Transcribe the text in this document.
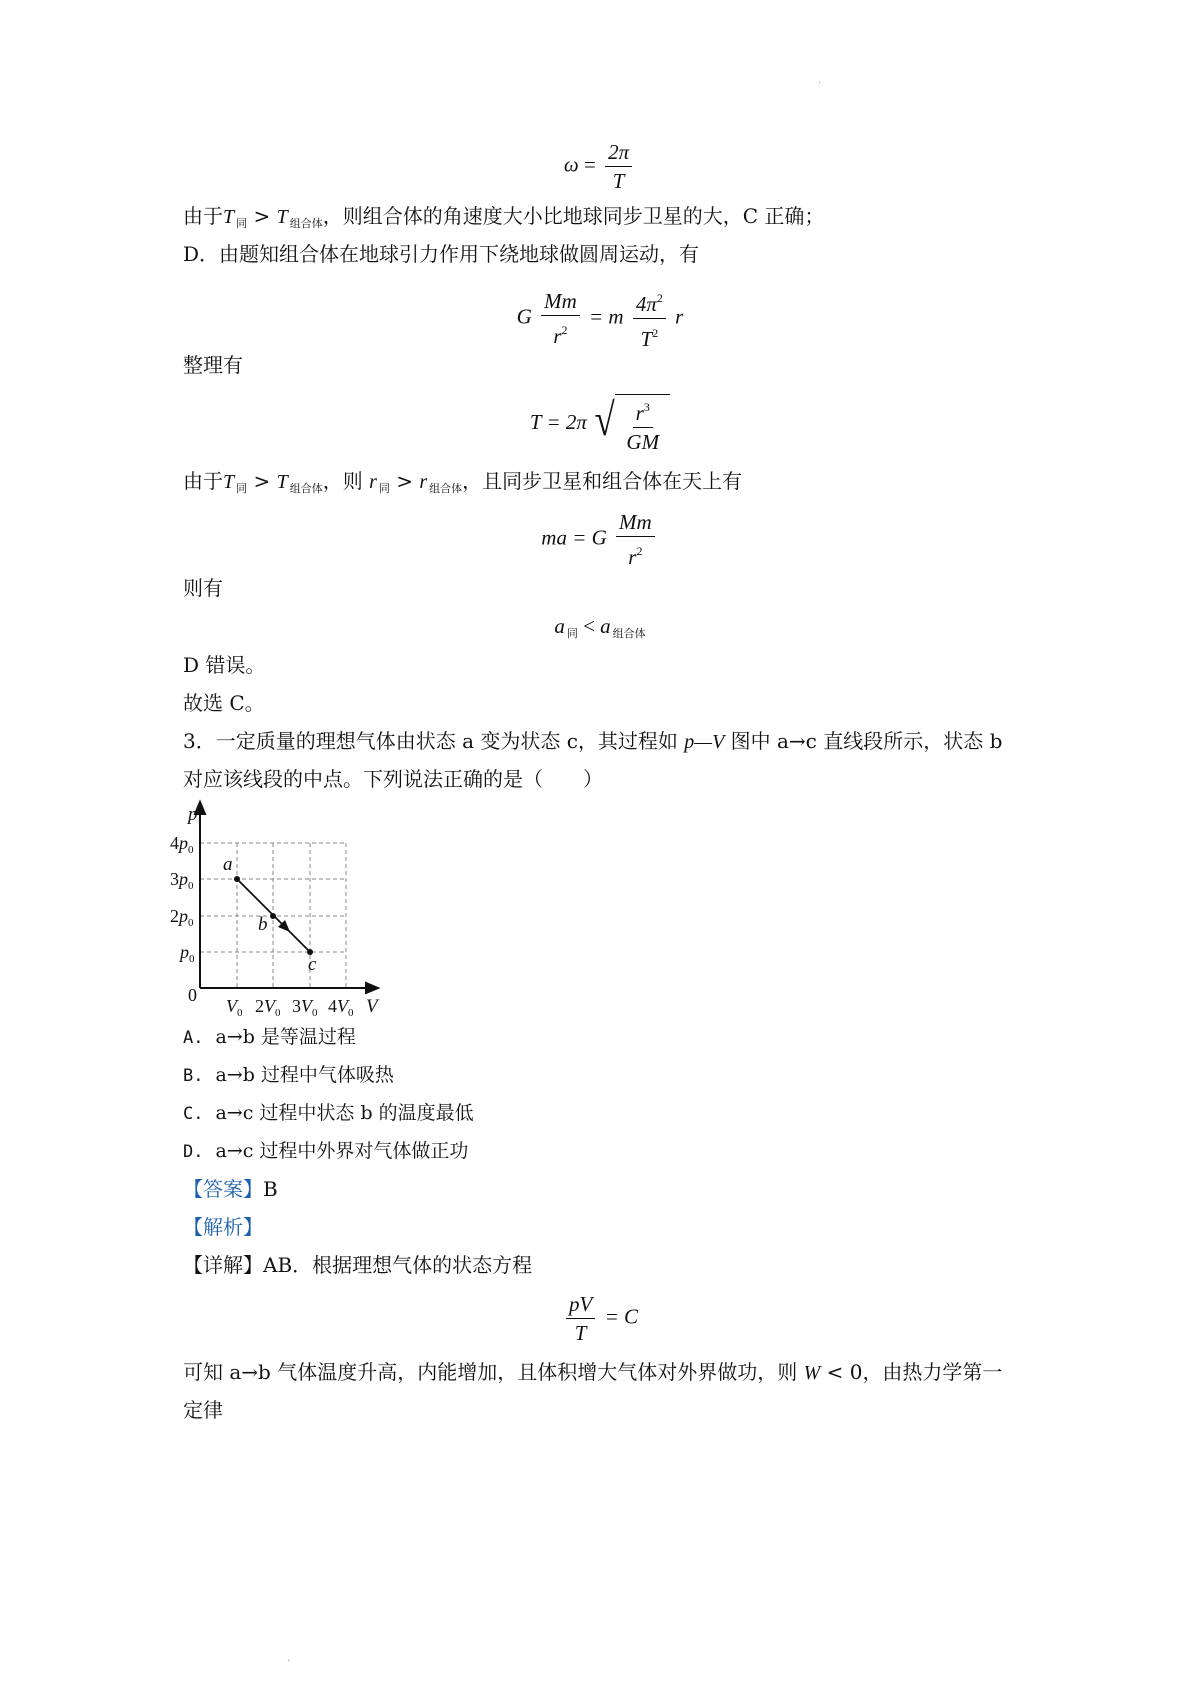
·
$\omega = \frac{2\pi}{T}$
由于T $_同$ > T $_{组合体}$，则组合体的角速度大小比地球同步卫星的大，C 正确；
D．由题知组合体在地球引力作用下绕地球做圆周运动，有
G $\frac{Mm}{r^2} = m \frac{4\pi^2}{T^2}$ r
整理有
T = 2π √ $\frac{r^3}{GM}$
由于T $_同$ > T $_{组合体}$，则 r $_同$ > r $_{组合体}$，且同步卫星和组合体在天上有
ma = G $\frac{Mm}{r^2}$
则有
a $_同$ < a $_{组合体}$
D 错误。
故选 C。
3．一定质量的理想气体由状态 a 变为状态 c，其过程如 p—V 图中 a→c 直线段所示，状态 b
对应该线段的中点。下列说法正确的是（　　）
p
V
a
b
c
0
$4p_0$
$3p_0$
$2p_0$
$p_0$
$V_0$ $2V_0$ $3V_0$ $4V_0$
A. a→b 是等温过程
B. a→b 过程中气体吸热
C. a→c 过程中状态 b 的温度最低
D. a→c 过程中外界对气体做正功
【答案】B
【解析】
【详解】AB．根据理想气体的状态方程
$\frac{pV}{T} = C$
可知 a→b 气体温度升高，内能增加，且体积增大气体对外界做功，则 W < 0，由热力学第一
定律
·
